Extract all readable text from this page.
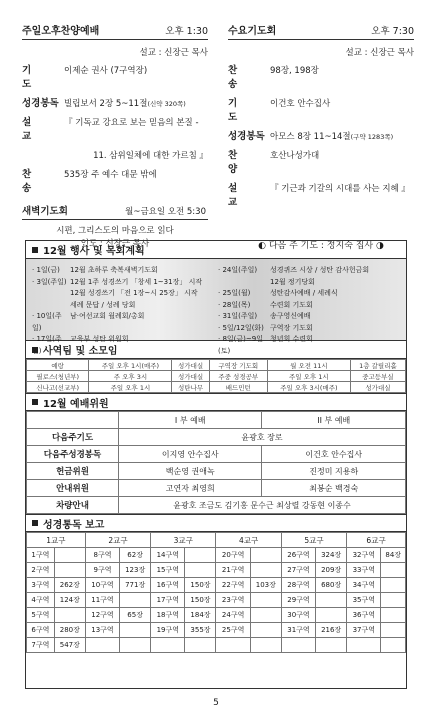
주일오후찬양예배	오후 1:30
설교 : 신장근 목사
기 도
이제순 권사 (7구역장)
성경봉독 빌립보서 2장 5~11절(신약 320쪽)
설 교
『 기독교 강요로 보는 믿음의 본질 -
11. 삼위일체에 대한 가르침 』
찬 송
535장 주 예수 대문 밖에
새벽기도회	월~금요일 오전 5:30
시편, 그리스도의 마음으로 읽다
인도 : 신장근 목사
수요기도회	오후 7:30
설교 : 신장근 목사
찬 송
98장, 198장
기 도
이건호 안수집사
성경봉독 아모스 8장 11~14절(구약 1283쪽)
찬 양
호산나성가대
설 교
『 기근과 기갈의 시대를 사는 지혜 』
◐ 다음 주 기도 : 정지숙 집사 ◑
12월 행사 및 목회계획
· 1일(금)	12월 초하루 축복새벽기도회
· 3일(주일) 12월 1주 성경쓰기 「창세 1~31장」 시작
12월 성경쓰기 「전 1장~시 25장」 시작
세례 문답 / 성례 당회
· 10일(주일)
남·여선교회 월례회/총회
· 17일(주일)
교육부 성탄 위원회
· 24일(주일)	성경퀴즈 시상 / 성탄 감사헌금회
12월 정기당회
· 25일(월)	성탄감사예배 / 세례식
· 28일(목)	수련회 기도회
· 31일(주일)	송구영신예배
· 5일/12일(화) 구역장 기도회
· 8일(금)~9일(토)
청년회 수련회
사역팀 및 소모임
예랑	주일 오후 1시(매주)	성가대실	구역장 기도회	월 오전 11시	1층 갈릴리홀
필로스(청년부)	주 오후 3시	성가대실	주중 성경공부	주일 오후 1시	중고등부실
신나고(선교부)	주일 오후 1시	성탄나무	배드민턴	주일 오후 3시(매주)	성가대실
12월 예배위원
	I 부 예배	II 부 예배
다음주기도	윤광호 장로	
다음주성경봉독	이지영 안수집사	이건호 안수집사
헌금위원	백순영 권애녹	진정미 지용하
안내위원	고연자 최영희	최봉순 백경숙
차량안내	윤광호 조금도 김기홍 문수근 최상렬 강동현 이종수	
성경통독 보고
1교구		2교구		3교구		4교구		5교구		6교구	
1구역		8구역	62장	14구역		20구역		26구역	324장	32구역	84장
2구역		9구역	123장	15구역		21구역		27구역	209장	33구역	
3구역	262장	10구역	771장	16구역	150장	22구역	103장	28구역	680장	34구역	
4구역	124장	11구역		17구역	150장	23구역		29구역		35구역	
5구역		12구역	65장	18구역	184장	24구역		30구역		36구역	
6구역	280장	13구역		19구역	355장	25구역		31구역	216장	37구역	
7구역	547장										
5
